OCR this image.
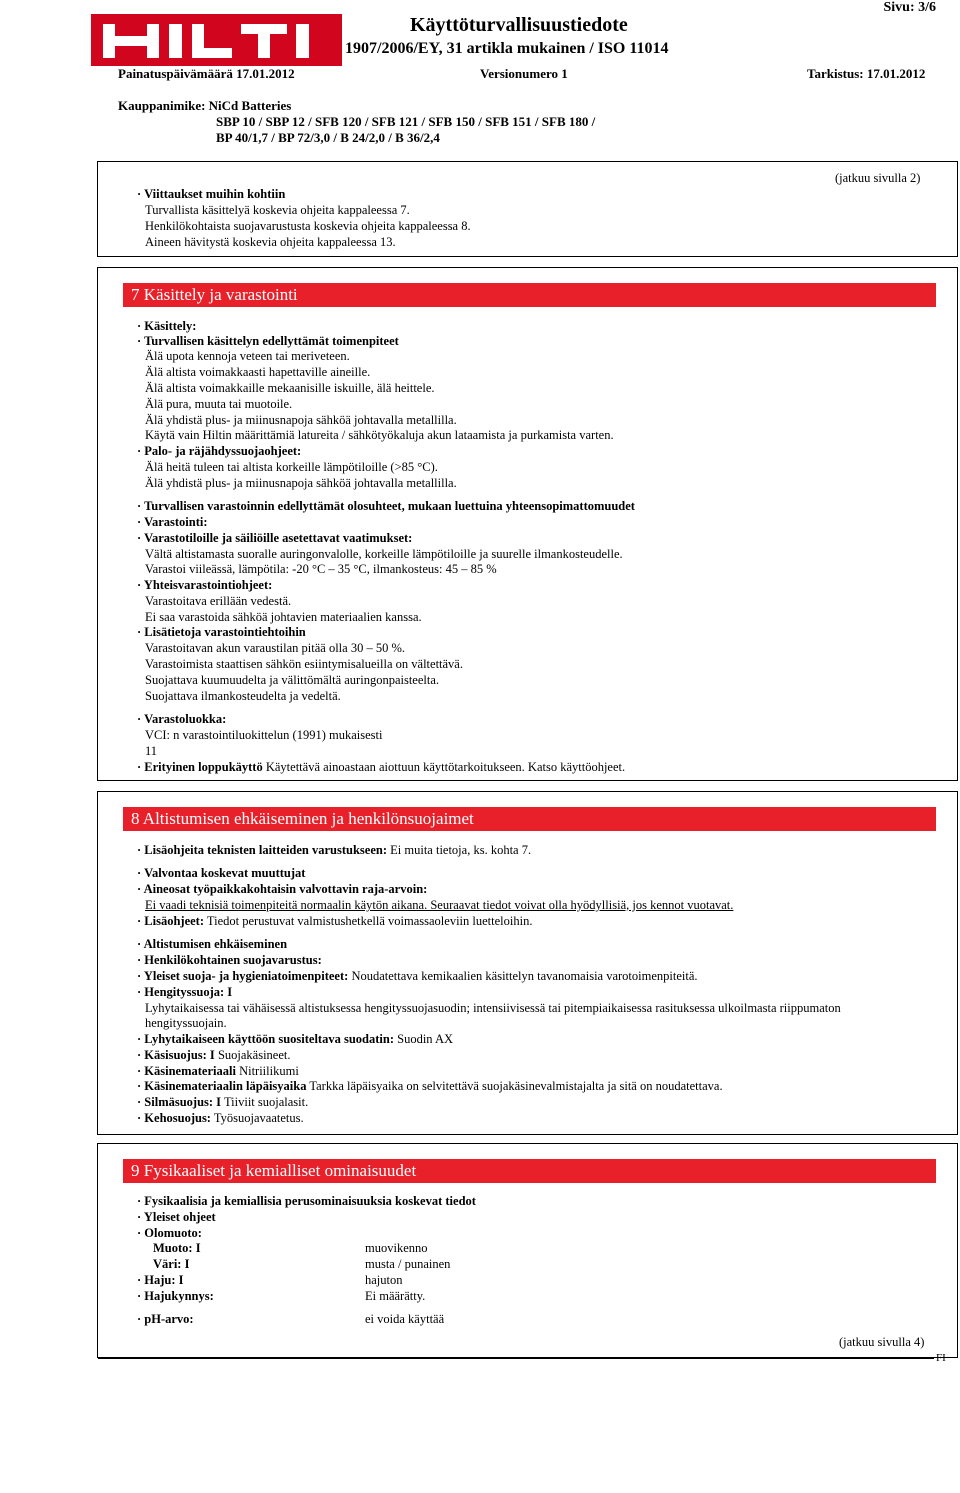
Käyttöturvallisuustiedote
1907/2006/EY, 31 artikla mukainen / ISO 11014
Sivu: 3/6
Painatuspäivämäärä 17.01.2012	Versionumero 1	Tarkistus: 17.01.2012
Kauppanimike: NiCd Batteries
SBP 10 / SBP 12 / SFB 120 / SFB 121 / SFB 150 / SFB 151 / SFB 180 /
BP 40/1,7 / BP 72/3,0 / B 24/2,0 / B 36/2,4
(jatkuu sivulla 2)
· Viittaukset muihin kohtiin
Turvallista käsittelyä koskevia ohjeita kappaleessa 7.
Henkilökohtaista suojavarustusta koskevia ohjeita kappaleessa 8.
Aineen hävitystä koskevia ohjeita kappaleessa 13.
7 Käsittely ja varastointi
· Käsittely:
· Turvallisen käsittelyn edellyttämät toimenpiteet
Älä upota kennoja veteen tai meriveteen.
Älä altista voimakkaasti hapettaville aineille.
Älä altista voimakkaille mekaanisille iskuille, älä heittele.
Älä pura, muuta tai muotoile.
Älä yhdistä plus- ja miinusnapoja sähköä johtavalla metallilla.
Käytä vain Hiltin määrittämiä latureita / sähkötyökaluja akun lataamista ja purkamista varten.
· Palo- ja räjähdyssuojaohjeet:
Älä heitä tuleen tai altista korkeille lämpötiloille (>85 °C).
Älä yhdistä plus- ja miinusnapoja sähköä johtavalla metallilla.
· Turvallisen varastoinnin edellyttämät olosuhteet, mukaan luettuina yhteensopimattomuudet
· Varastointi:
· Varastotiloille ja säiliöille asetettavat vaatimukset:
Vältä altistamasta suoralle auringonvalolle, korkeille lämpötiloille ja suurelle ilmankosteudelle.
Varastoi viileässä, lämpötila: -20 °C – 35 °C, ilmankosteus: 45 – 85 %
· Yhteisvarastointiohjeet:
Varastoitava erillään vedestä.
Ei saa varastoida sähköä johtavien materiaalien kanssa.
· Lisätietoja varastointiehtoihin
Varastoitavan akun varaustilan pitää olla 30 – 50 %.
Varastoimista staattisen sähkön esiintymisalueilla on vältettävä.
Suojattava kuumuudelta ja välittömältä auringonpaisteelta.
Suojattava ilmankosteudelta ja vedeltä.
· Varastoluokka:
VCI: n varastointiluokittelun (1991) mukaisesti
11
· Erityinen loppukäyttö Käytettävä ainoastaan aiottuun käyttötarkoitukseen. Katso käyttöohjeet.
8 Altistumisen ehkäiseminen ja henkilönsuojaimet
· Lisäohjeita teknisten laitteiden varustukseen: Ei muita tietoja, ks. kohta 7.
· Valvontaa koskevat muuttujat
· Aineosat työpaikkakohtaisin valvottavin raja-arvoin:
Ei vaadi teknisiä toimenpiteitä normaalin käytön aikana. Seuraavat tiedot voivat olla hyödyllisiä, jos kennot vuotavat.
· Lisäohjeet: Tiedot perustuvat valmistushetkellä voimassaoleviin luetteloihin.
· Altistumisen ehkäiseminen
· Henkilökohtainen suojavarustus:
· Yleiset suoja- ja hygieniatoimenpiteet: Noudatettava kemikaalien käsittelyn tavanomaisia varotoimenpiteitä.
· Hengityssuoja: I
Lyhytaikaisessa tai vähäisessä altistuksessa hengityssuojasuodin; intensiivisessä tai pitempiaikaisessa rasituksessa ulkoilmasta riippumaton
hengityssuojain.
· Lyhytaikaiseen käyttöön suositeltava suodatin: Suodin AX
· Käsisuojus: I Suojakäsineet.
· Käsinemateriaali Nitriilikumi
· Käsinemateriaalin läpäisyaika Tarkka läpäisyaika on selvitettävä suojakäsinevalmistajalta ja sitä on noudatettava.
· Silmäsuojus: I Tiiviit suojalasit.
· Kehosuojus: Työsuojavaatetus.
9 Fysikaaliset ja kemialliset ominaisuudet
· Fysikaalisia ja kemiallisia perusominaisuuksia koskevat tiedot
· Yleiset ohjeet
· Olomuoto:
Muoto: I	muovikenno
Väri: I	musta / punainen
· Haju: I	hajuton
· Hajukynnys:	Ei määrätty.
· pH-arvo:	ei voida käyttää
(jatkuu sivulla 4)
FI
